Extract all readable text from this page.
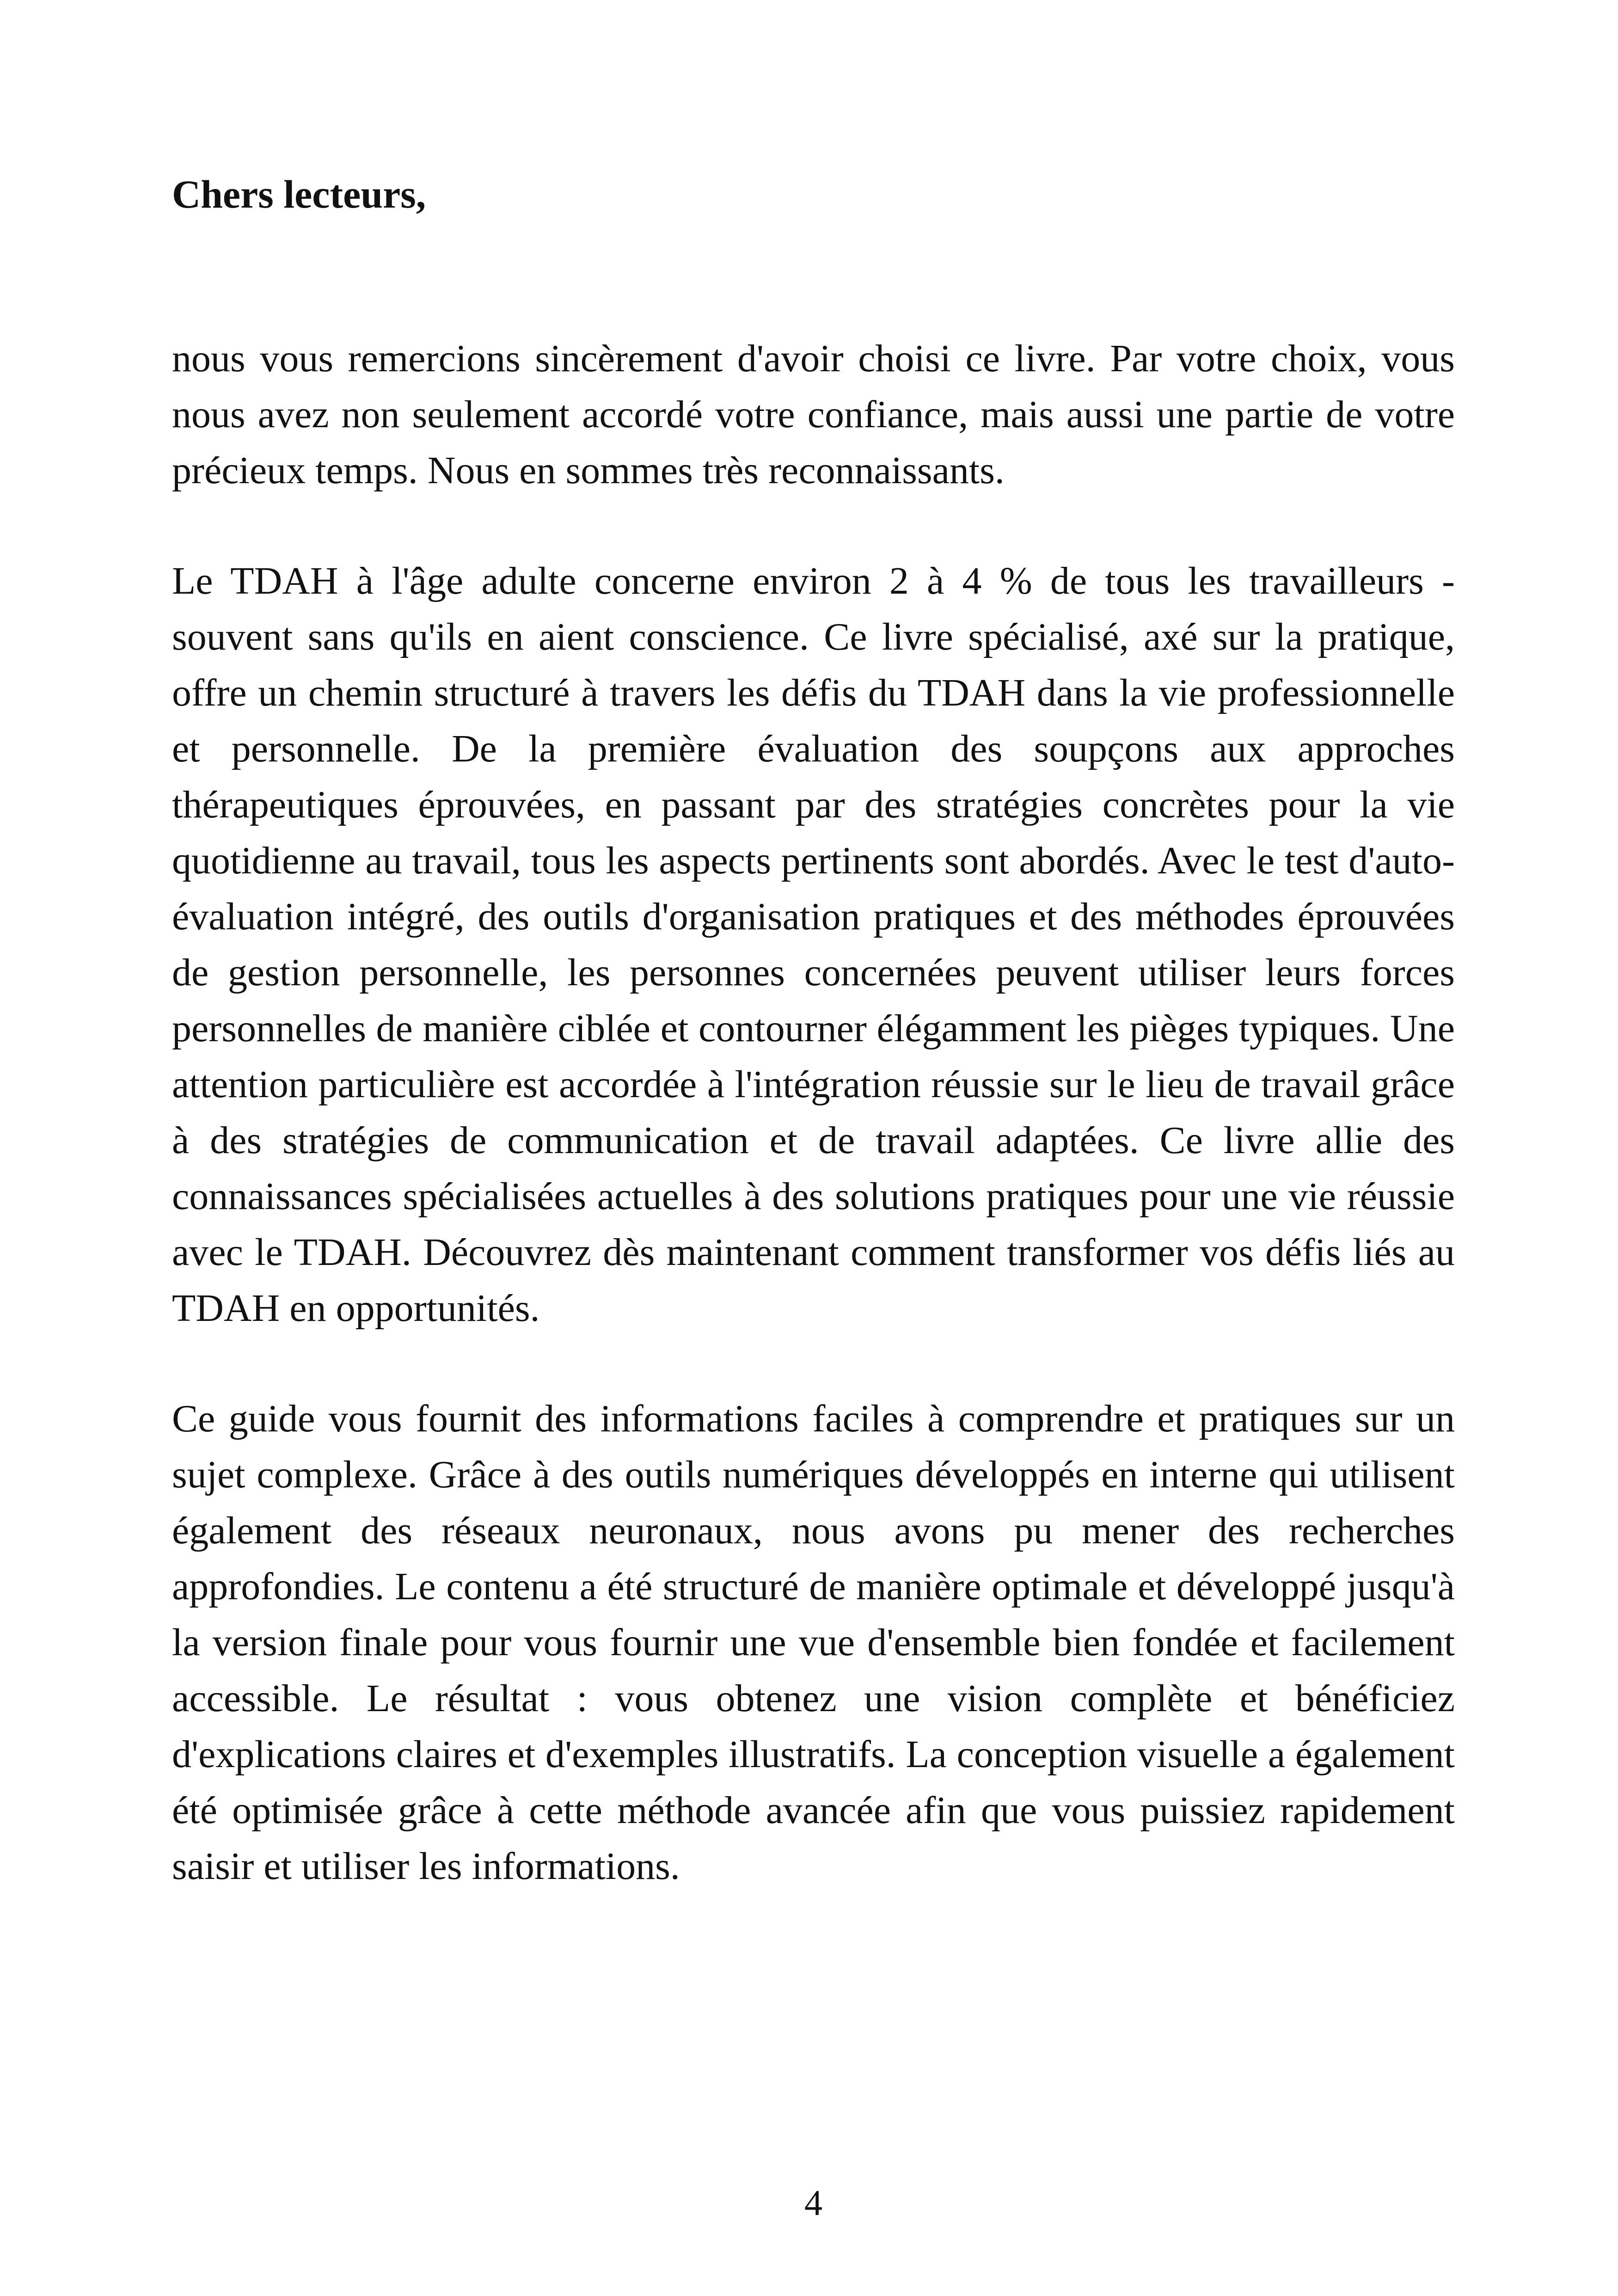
Chers lecteurs,

nous vous remercions sincèrement d'avoir choisi ce livre. Par votre choix, vous nous avez non seulement accordé votre confiance, mais aussi une partie de votre précieux temps. Nous en sommes très reconnaissants.

Le TDAH à l'âge adulte concerne environ 2 à 4 % de tous les travailleurs - souvent sans qu'ils en aient conscience. Ce livre spécialisé, axé sur la pratique, offre un chemin structuré à travers les défis du TDAH dans la vie professionnelle et personnelle. De la première évaluation des soupçons aux approches thérapeutiques éprouvées, en passant par des stratégies concrètes pour la vie quotidienne au travail, tous les aspects pertinents sont abordés. Avec le test d'auto-évaluation intégré, des outils d'organisation pratiques et des méthodes éprouvées de gestion personnelle, les personnes concernées peuvent utiliser leurs forces personnelles de manière ciblée et contourner élégamment les pièges typiques. Une attention particulière est accordée à l'intégration réussie sur le lieu de travail grâce à des stratégies de communication et de travail adaptées. Ce livre allie des connaissances spécialisées actuelles à des solutions pratiques pour une vie réussie avec le TDAH. Découvrez dès maintenant comment transformer vos défis liés au TDAH en opportunités.

Ce guide vous fournit des informations faciles à comprendre et pratiques sur un sujet complexe. Grâce à des outils numériques développés en interne qui utilisent également des réseaux neuronaux, nous avons pu mener des recherches approfondies. Le contenu a été structuré de manière optimale et développé jusqu'à la version finale pour vous fournir une vue d'ensemble bien fondée et facilement accessible. Le résultat : vous obtenez une vision complète et bénéficiez d'explications claires et d'exemples illustratifs. La conception visuelle a également été optimisée grâce à cette méthode avancée afin que vous puissiez rapidement saisir et utiliser les informations.

4
